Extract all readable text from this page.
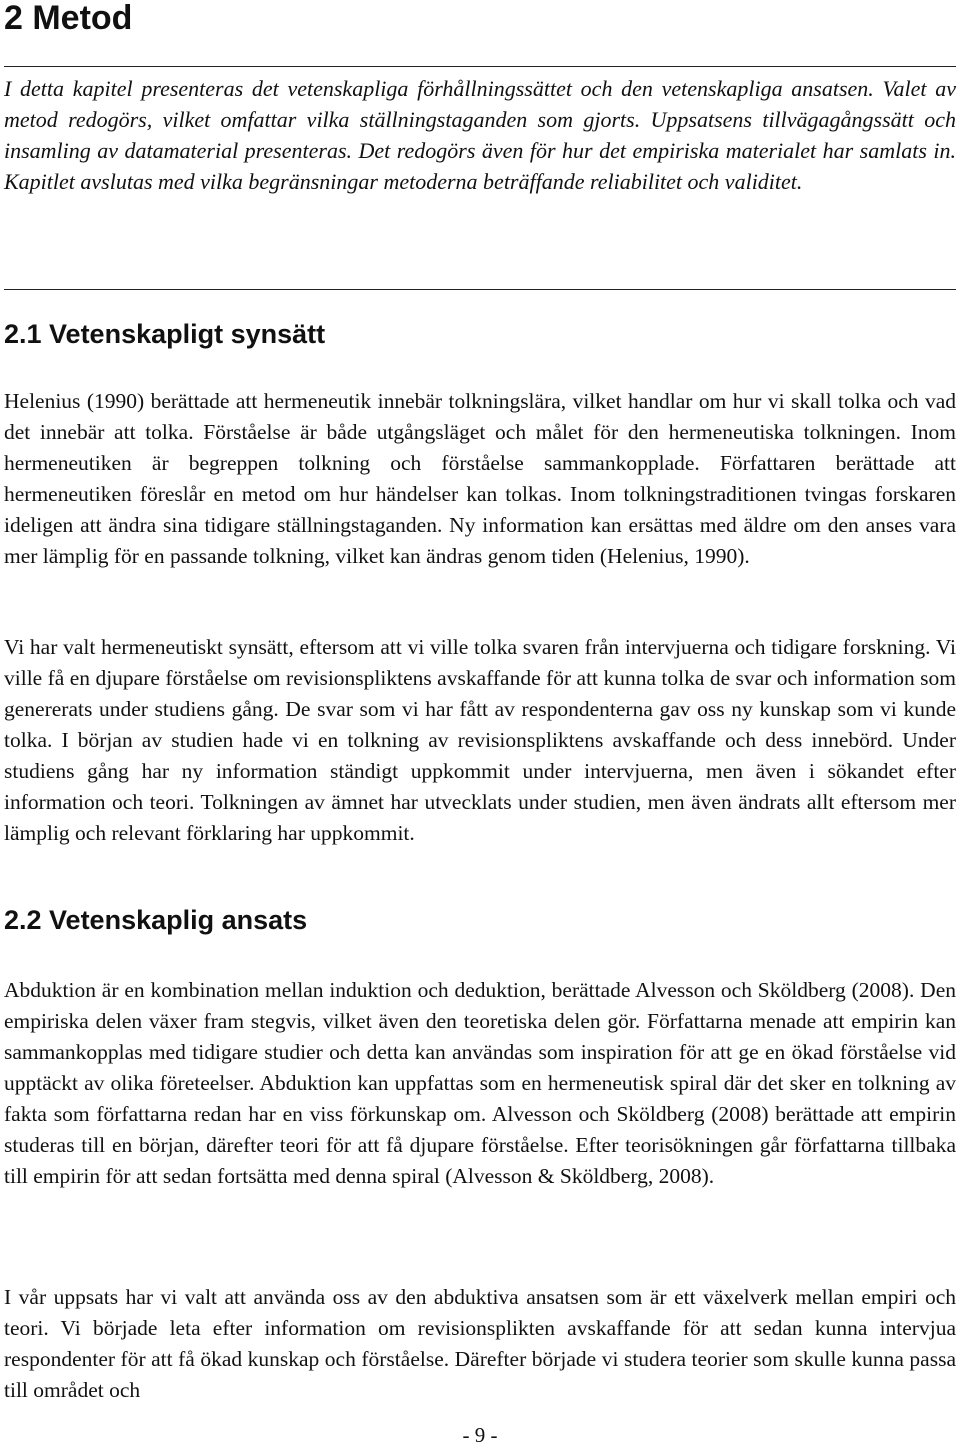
2 Metod

I detta kapitel presenteras det vetenskapliga förhållningssättet och den vetenskapliga ansatsen. Valet av metod redogörs, vilket omfattar vilka ställningstaganden som gjorts. Uppsatsens tillvägagångssätt och insamling av datamaterial presenteras. Det redogörs även för hur det empiriska materialet har samlats in. Kapitlet avslutas med vilka begränsningar metoderna beträffande reliabilitet och validitet.

2.1 Vetenskapligt synsätt

Helenius (1990) berättade att hermeneutik innebär tolkningslära, vilket handlar om hur vi skall tolka och vad det innebär att tolka. Förståelse är både utgångsläget och målet för den hermeneutiska tolkningen. Inom hermeneutiken är begreppen tolkning och förståelse sammankopplade. Författaren berättade att hermeneutiken föreslår en metod om hur händelser kan tolkas. Inom tolkningstraditionen tvingas forskaren ideligen att ändra sina tidigare ställningstaganden. Ny information kan ersättas med äldre om den anses vara mer lämplig för en passande tolkning, vilket kan ändras genom tiden (Helenius, 1990).

Vi har valt hermeneutiskt synsätt, eftersom att vi ville tolka svaren från intervjuerna och tidigare forskning. Vi ville få en djupare förståelse om revisionspliktens avskaffande för att kunna tolka de svar och information som genererats under studiens gång. De svar som vi har fått av respondenterna gav oss ny kunskap som vi kunde tolka. I början av studien hade vi en tolkning av revisionspliktens avskaffande och dess innebörd. Under studiens gång har ny information ständigt uppkommit under intervjuerna, men även i sökandet efter information och teori. Tolkningen av ämnet har utvecklats under studien, men även ändrats allt eftersom mer lämplig och relevant förklaring har uppkommit.

2.2 Vetenskaplig ansats

Abduktion är en kombination mellan induktion och deduktion, berättade Alvesson och Sköldberg (2008). Den empiriska delen växer fram stegvis, vilket även den teoretiska delen gör. Författarna menade att empirin kan sammankopplas med tidigare studier och detta kan användas som inspiration för att ge en ökad förståelse vid upptäckt av olika företeelser. Abduktion kan uppfattas som en hermeneutisk spiral där det sker en tolkning av fakta som författarna redan har en viss förkunskap om. Alvesson och Sköldberg (2008) berättade att empirin studeras till en början, därefter teori för att få djupare förståelse. Efter teorisökningen går författarna tillbaka till empirin för att sedan fortsätta med denna spiral (Alvesson & Sköldberg, 2008).

I vår uppsats har vi valt att använda oss av den abduktiva ansatsen som är ett växelverk mellan empiri och teori. Vi började leta efter information om revisionsplikten avskaffande för att sedan kunna intervjua respondenter för att få ökad kunskap och förståelse. Därefter började vi studera teorier som skulle kunna passa till området och

- 9 -
